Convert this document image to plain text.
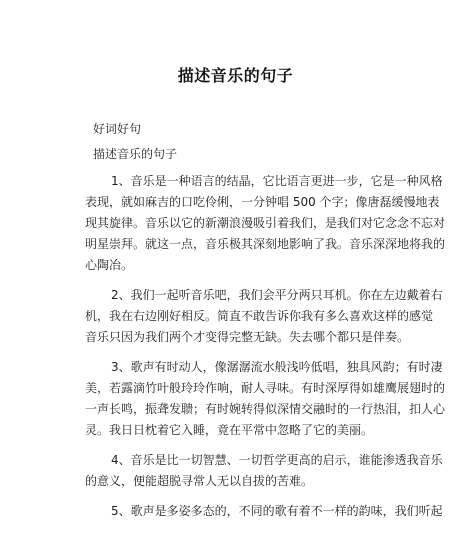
描述音乐的句子
好词好句
描述音乐的句子
1、音乐是一种语言的结晶，它比语言更进一步，它是一种风格
表现，就如麻吉的口吃伶俐，一分钟唱 500 个字；像唐磊缓慢地表
现其旋律。音乐以它的新潮浪漫吸引着我们，是我们对它念念不忘对
明星崇拜。就这一点，音乐极其深刻地影响了我。音乐深深地将我的
心陶冶。
2、我们一起听音乐吧，我们会平分两只耳机。你在左边戴着右
机，我在右边刚好相反。简直不敢告诉你我有多么喜欢这样的感觉
音乐只因为我们两个才变得完整无缺。失去哪个都只是伴奏。
3、歌声有时动人，像潺潺流水般浅吟低唱，独具风韵；有时凄
美，若露滴竹叶般玲玲作响，耐人寻味。有时深厚得如雄鹰展翅时的
一声长鸣，振聋发聩；有时婉转得似深情交融时的一行热泪，扣人心
灵。我日日枕着它入睡，竟在平常中忽略了它的美丽。
4、音乐是比一切智慧、一切哲学更高的启示，谁能渗透我音乐
的意义，便能超脱寻常人无以自拔的苦难。
5、歌声是多姿多态的，不同的歌有着不一样的韵味，我们听起
